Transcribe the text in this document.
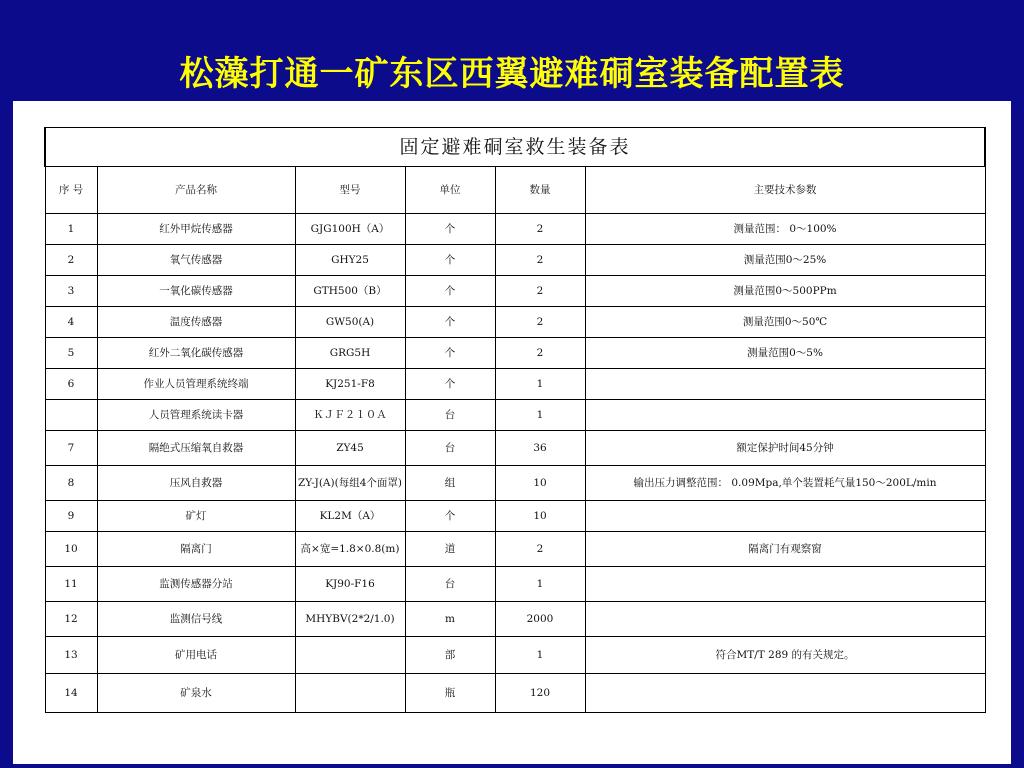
松藻打通一矿东区西翼避难硐室装备配置表
固定避难硐室救生装备表					
序 号	产品名称	型号	单位	数量	主要技术参数
1	红外甲烷传感器	GJG100H（A）	个	2	测量范围： 0～100%
2	氧气传感器	GHY25	个	2	测量范围0～25%
3	一氧化碳传感器	GTH500（B）	个	2	测量范围0～500PPm
4	温度传感器	GW50(A)	个	2	测量范围0～50℃
5	红外二氧化碳传感器	GRG5H	个	2	测量范围0～5%
6	作业人员管理系统终端	KJ251-F8	个	1	
	人员管理系统读卡器	ＫＪＦ２１０Ａ	台	1	
7	隔绝式压缩氧自救器	ZY45	台	36	额定保护时间45分钟
8	压风自救器	ZY-J(A)(每组4个面罩)	组	10	输出压力调整范围： 0.09Mpa,单个装置耗气量150～200L/min
9	矿灯	KL2M（A）	个	10	
10	隔离门	高×宽=1.8×0.8(m)	道	2	隔离门有观察窗
11	监测传感器分站	KJ90-F16	台	1	
12	监测信号线	MHYBV(2*2/1.0)	m	2000	
13	矿用电话		部	1	符合MT/T 289 的有关规定。
14	矿泉水		瓶	120	
